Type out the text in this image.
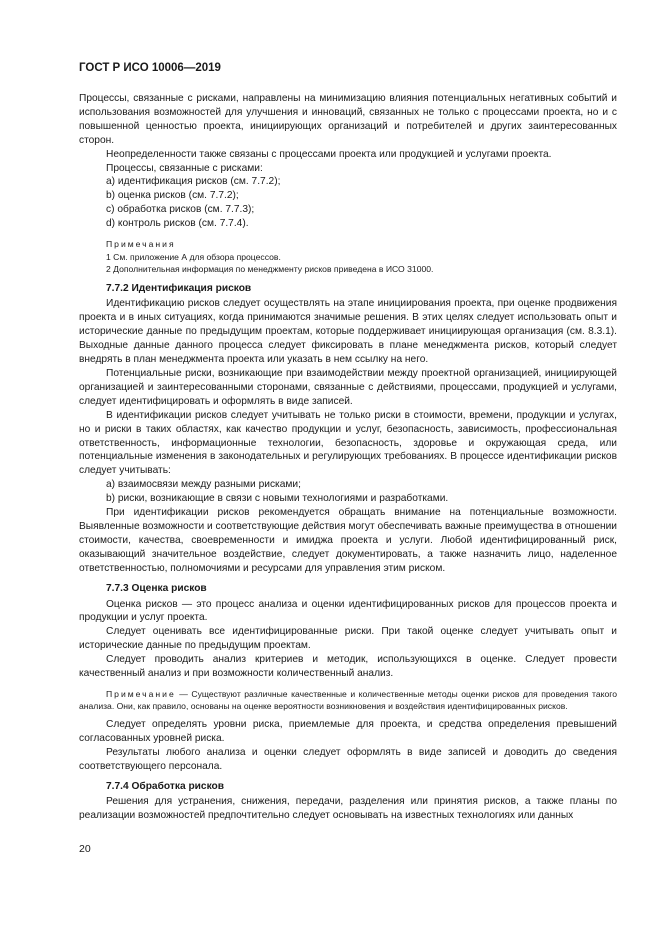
ГОСТ Р ИСО 10006—2019

Процессы, связанные с рисками, направлены на минимизацию влияния потенциальных негативных событий и использования возможностей для улучшения и инноваций, связанных не только с процессами проекта, но и с повышенной ценностью проекта, инициирующих организаций и потребителей и других заинтересованных сторон.

Неопределенности также связаны с процессами проекта или продукцией и услугами проекта.

Процессы, связанные с рисками:

а) идентификация рисков (см. 7.7.2);

b) оценка рисков (см. 7.7.2);

c) обработка рисков (см. 7.7.3);

d) контроль рисков (см. 7.7.4).

Примечания

1 См. приложение А для обзора процессов.

2 Дополнительная информация по менеджменту рисков приведена в ИСО 31000.

7.7.2 Идентификация рисков

Идентификацию рисков следует осуществлять на этапе инициирования проекта, при оценке продвижения проекта и в иных ситуациях, когда принимаются значимые решения. В этих целях следует использовать опыт и исторические данные по предыдущим проектам, которые поддерживает инициирующая организация (см. 8.3.1). Выходные данные данного процесса следует фиксировать в плане менеджмента рисков, который следует внедрять в план менеджмента проекта или указать в нем ссылку на него.

Потенциальные риски, возникающие при взаимодействии между проектной организацией, инициирующей организацией и заинтересованными сторонами, связанные с действиями, процессами, продукцией и услугами, следует идентифицировать и оформлять в виде записей.

В идентификации рисков следует учитывать не только риски в стоимости, времени, продукции и услугах, но и риски в таких областях, как качество продукции и услуг, безопасность, зависимость, профессиональная ответственность, информационные технологии, безопасность, здоровье и окружающая среда, или потенциальные изменения в законодательных и регулирующих требованиях. В процессе идентификации рисков следует учитывать:

а) взаимосвязи между разными рисками;

b) риски, возникающие в связи с новыми технологиями и разработками.

При идентификации рисков рекомендуется обращать внимание на потенциальные возможности. Выявленные возможности и соответствующие действия могут обеспечивать важные преимущества в отношении стоимости, качества, своевременности и имиджа проекта и услуги. Любой идентифицированный риск, оказывающий значительное воздействие, следует документировать, а также назначить лицо, наделенное ответственностью, полномочиями и ресурсами для управления этим риском.

7.7.3 Оценка рисков

Оценка рисков — это процесс анализа и оценки идентифицированных рисков для процессов проекта и продукции и услуг проекта.

Следует оценивать все идентифицированные риски. При такой оценке следует учитывать опыт и исторические данные по предыдущим проектам.

Следует проводить анализ критериев и методик, использующихся в оценке. Следует провести качественный анализ и при возможности количественный анализ.

Примечание — Существуют различные качественные и количественные методы оценки рисков для проведения такого анализа. Они, как правило, основаны на оценке вероятности возникновения и воздействия идентифицированных рисков.

Следует определять уровни риска, приемлемые для проекта, и средства определения превышений согласованных уровней риска.

Результаты любого анализа и оценки следует оформлять в виде записей и доводить до сведения соответствующего персонала.

7.7.4 Обработка рисков

Решения для устранения, снижения, передачи, разделения или принятия рисков, а также планы по реализации возможностей предпочтительно следует основывать на известных технологиях или данных

20
